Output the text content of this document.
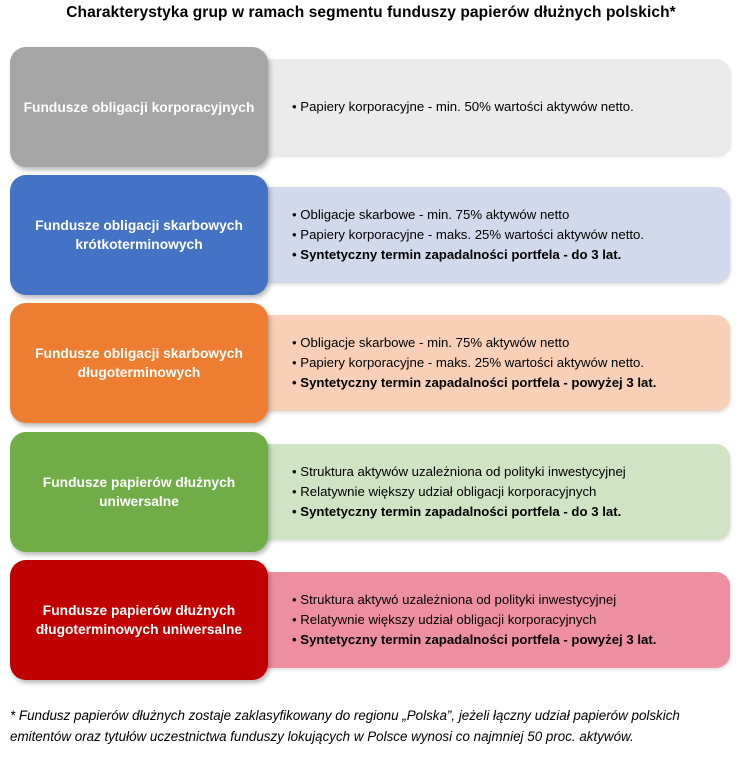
Charakterystyka grup w ramach segmentu funduszy papierów dłużnych polskich*
• Papiery korporacyjne - min. 50% wartości aktywów netto.
Fundusze obligacji korporacyjnych
• Obligacje skarbowe - min. 75% aktywów netto
• Papiery korporacyjne - maks. 25% wartości aktywów netto.
• Syntetyczny termin zapadalności portfela - do 3 lat.
Fundusze obligacji skarbowych krótkoterminowych
• Obligacje skarbowe - min. 75% aktywów netto
• Papiery korporacyjne - maks. 25% wartości aktywów netto.
• Syntetyczny termin zapadalności portfela - powyżej 3 lat.
Fundusze obligacji skarbowych długoterminowych
• Struktura aktywów uzależniona od polityki inwestycyjnej
• Relatywnie większy udział obligacji korporacyjnych
• Syntetyczny termin zapadalności portfela - do 3 lat.
Fundusze papierów dłużnych uniwersalne
• Struktura aktywó uzależniona od polityki inwestycyjnej
• Relatywnie większy udział obligacji korporacyjnych
• Syntetyczny termin zapadalności portfela - powyżej 3 lat.
Fundusze papierów dłużnych długoterminowych uniwersalne
* Fundusz papierów dłużnych zostaje zaklasyfikowany do regionu „Polska”, jeżeli łączny udział papierów polskich emitentów oraz tytułów uczestnictwa funduszy lokujących w Polsce wynosi co najmniej 50 proc. aktywów.
